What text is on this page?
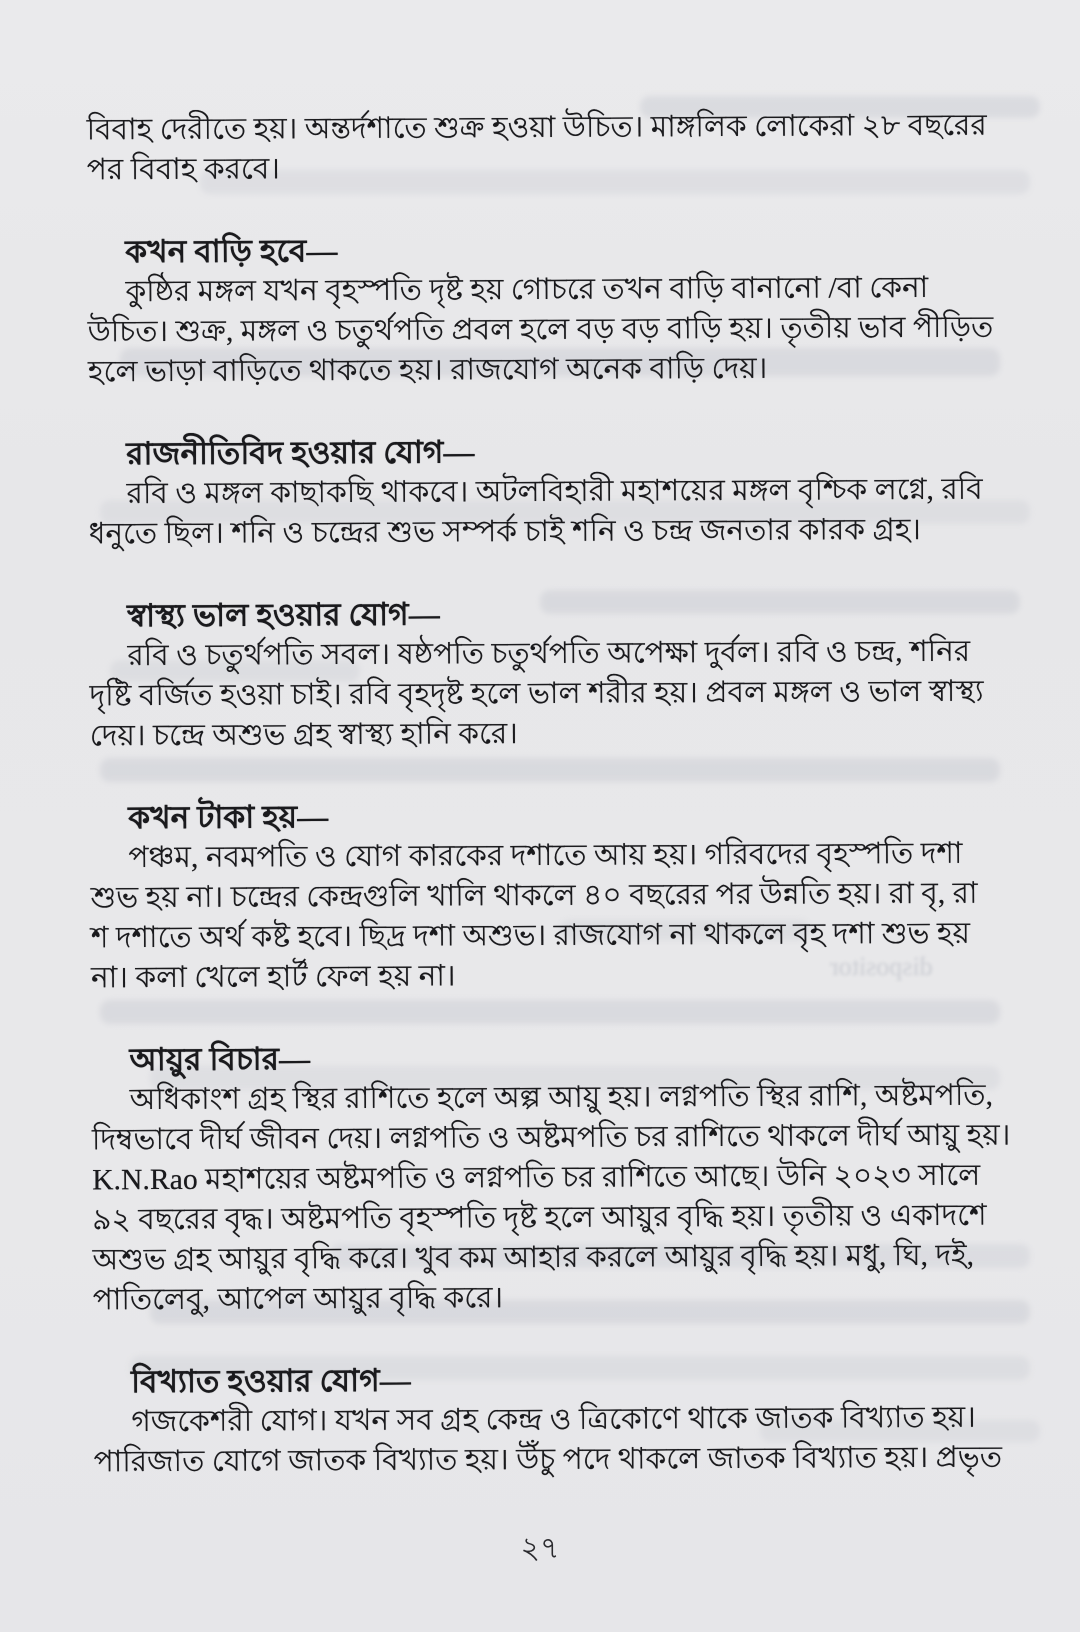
dispositor
বিবাহ দেরীতে হয়। অন্তর্দশাতে শুক্র হওয়া উচিত। মাঙ্গলিক লোকেরা ২৮ বছরের
পর বিবাহ করবে।
কখন বাড়ি হবে—
কুষ্ঠির মঙ্গল যখন বৃহস্পতি দৃষ্ট হয় গোচরে তখন বাড়ি বানানো /বা কেনা
উচিত। শুক্র, মঙ্গল ও চতুর্থপতি প্রবল হলে বড় বড় বাড়ি হয়। তৃতীয় ভাব পীড়িত
হলে ভাড়া বাড়িতে থাকতে হয়। রাজযোগ অনেক বাড়ি দেয়।
রাজনীতিবিদ হওয়ার যোগ—
রবি ও মঙ্গল কাছাকছি থাকবে। অটলবিহারী মহাশয়ের মঙ্গল বৃশ্চিক লগ্নে, রবি
ধনুতে ছিল। শনি ও চন্দ্রের শুভ সম্পর্ক চাই শনি ও চন্দ্র জনতার কারক গ্রহ।
স্বাস্থ্য ভাল হওয়ার যোগ—
রবি ও চতুর্থপতি সবল। ষষ্ঠপতি চতুর্থপতি অপেক্ষা দুর্বল। রবি ও চন্দ্র, শনির
দৃষ্টি বর্জিত হওয়া চাই। রবি বৃহদৃষ্ট হলে ভাল শরীর হয়। প্রবল মঙ্গল ও ভাল স্বাস্থ্য
দেয়। চন্দ্রে অশুভ গ্রহ স্বাস্থ্য হানি করে।
কখন টাকা হয়—
পঞ্চম, নবমপতি ও যোগ কারকের দশাতে আয় হয়। গরিবদের বৃহস্পতি দশা
শুভ হয় না। চন্দ্রের কেন্দ্রগুলি খালি থাকলে ৪০ বছরের পর উন্নতি হয়। রা বৃ, রা
শ দশাতে অর্থ কষ্ট হবে। ছিদ্র দশা অশুভ। রাজযোগ না থাকলে বৃহ দশা শুভ হয়
না। কলা খেলে হার্ট ফেল হয় না।
আয়ুর বিচার—
অধিকাংশ গ্রহ স্থির রাশিতে হলে অল্প আয়ু হয়। লগ্নপতি স্থির রাশি, অষ্টমপতি,
দিম্বভাবে দীর্ঘ জীবন দেয়। লগ্নপতি ও অষ্টমপতি চর রাশিতে থাকলে দীর্ঘ আয়ু হয়।
K.N.Rao মহাশয়ের অষ্টমপতি ও লগ্নপতি চর রাশিতে আছে। উনি ২০২৩ সালে
৯২ বছরের বৃদ্ধ। অষ্টমপতি বৃহস্পতি দৃষ্ট হলে আয়ুর বৃদ্ধি হয়। তৃতীয় ও একাদশে
অশুভ গ্রহ আয়ুর বৃদ্ধি করে। খুব কম আহার করলে আয়ুর বৃদ্ধি হয়। মধু, ঘি, দই,
পাতিলেবু, আপেল আয়ুর বৃদ্ধি করে।
বিখ্যাত হওয়ার যোগ—
গজকেশরী যোগ। যখন সব গ্রহ কেন্দ্র ও ত্রিকোণে থাকে জাতক বিখ্যাত হয়।
পারিজাত যোগে জাতক বিখ্যাত হয়। উঁচু পদে থাকলে জাতক বিখ্যাত হয়। প্রভৃত
২৭
